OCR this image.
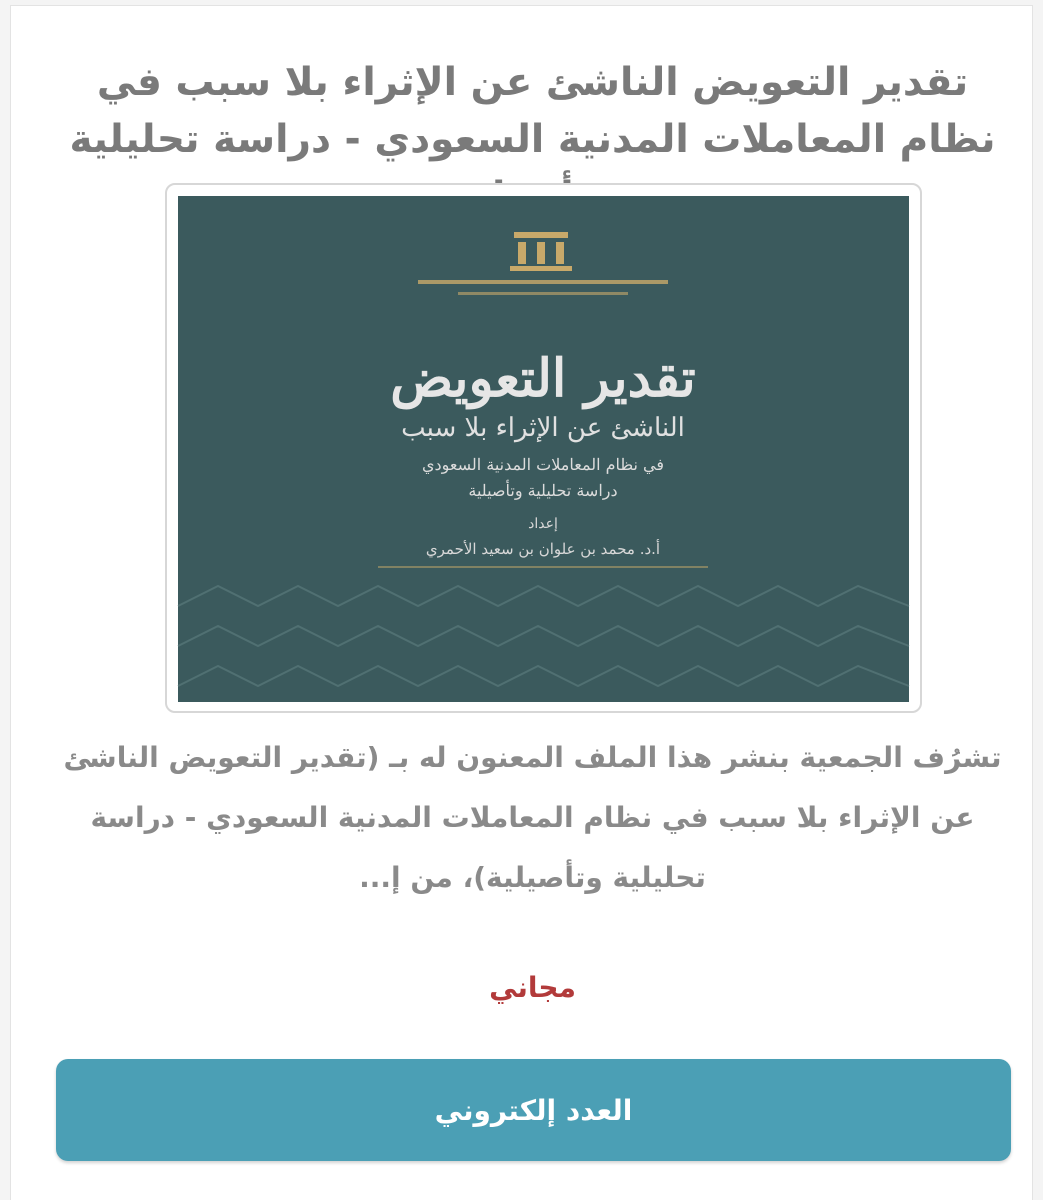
تقدير التعويض الناشئ عن الإثراء بلا سبب في نظام المعاملات المدنية السعودي - دراسة تحليلية
تقدير التعويض
الناشئ عن الإثراء بلا سبب
في نظام المعاملات المدنية السعودي
دراسة تحليلية وتأصيلية
إعداد
أ.د. محمد بن علوان بن سعيد الأحمري

تشرُف الجمعية بنشر هذا الملف المعنون له بـ (تقدير التعويض الناشئ عن الإثراء بلا سبب في نظام المعاملات المدنية السعودي - دراسة تحليلية وتأصيلية)، من إ...

مجاني

العدد إلكتروني
